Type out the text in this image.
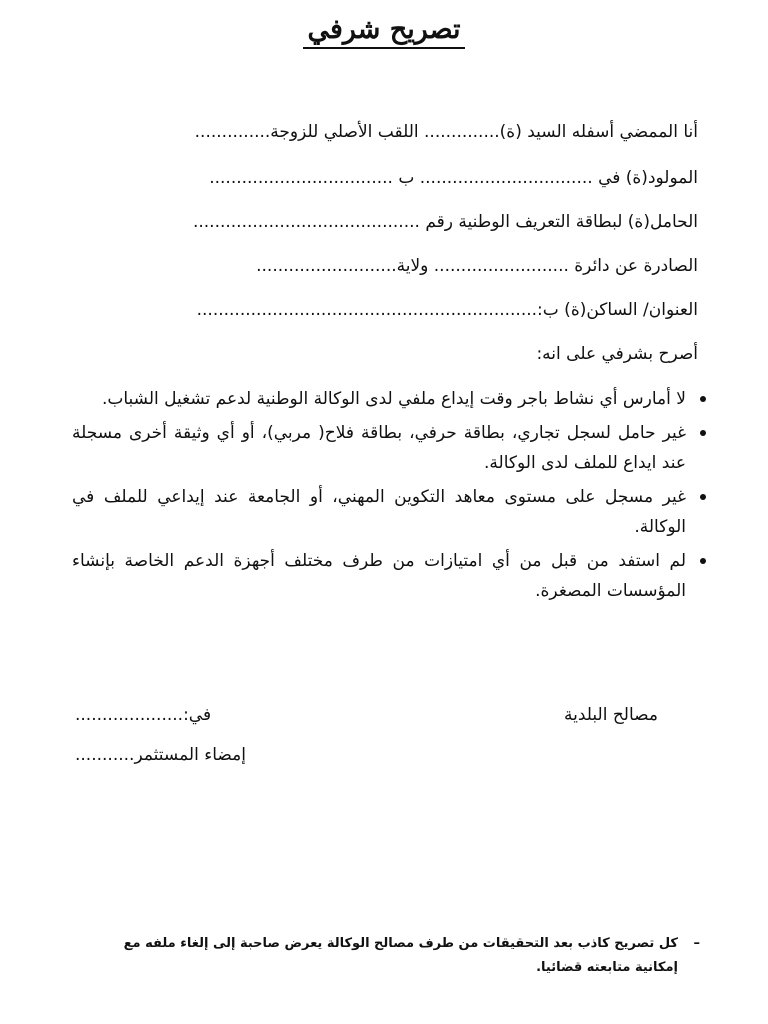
تصريح شرفي
أنا الممضي أسفله السيد (ة).............. اللقب الأصلي للزوجة..............
المولود(ة) في ................................ ب ..................................
الحامل(ة) لبطاقة التعريف الوطنية رقم ..........................................
الصادرة عن دائرة ......................... ولاية..........................
العنوان/ الساكن(ة) ب:...............................................................
أصرح بشرفي على انه:
لا أمارس أي نشاط باجر وقت إيداع ملفي لدى الوكالة الوطنية لدعم تشغيل الشباب.
غير حامل لسجل تجاري، بطاقة حرفي، بطاقة فلاح( مربي)، أو أي وثيقة أخرى مسجلة عند ايداع للملف لدى الوكالة.
غير مسجل على مستوى معاهد التكوين المهني، أو الجامعة عند إيداعي للملف في الوكالة.
لم استفد من قبل من أي امتيازات من طرف مختلف أجهزة الدعم الخاصة بإنشاء المؤسسات المصغرة.
مصالح البلدية
في:....................
إمضاء المستثمر...........
–
كل تصريح كاذب بعد التحقيقات من طرف مصالح الوكالة يعرض صاحبة إلى إلغاء ملفه مع إمكانية متابعته قضائيا.
